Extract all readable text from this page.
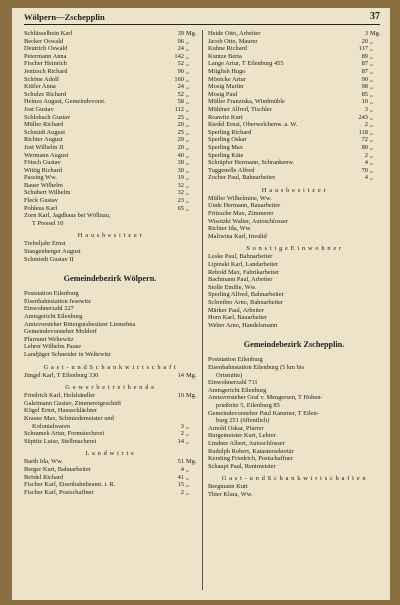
Wölpern—Zschepplin	37
Schlüsselbein Karl	39 Mg.
Becker Oswald	96 „
Deutrich Oswald	24 „
Petermann Anna	142 „
Fischer Heinrich	52 „
Jentzsch Richard	90 „
Schöne Adolf	160 „
Kittler Anna	24 „
Schulze Richard	52 „
Heinze August, Gemeindevorst.	58 „
Jost Gustav	112 „
Schlobach Gustav	25 „
Müller Richard	20 „
Schmidt August	25 „
Richter August	29 „
Jost Wilhelm II	20 „
Wermann August	40 „
Fötsch Gustav	30 „
Wittig Richard	30 „
Passing Ww.	19 „
Bauer Wilhelm	32 „
Schubert Wilhelm	32 „
Fleck Gustav	23 „
Pohleus Karl	65 „
Zorn Karl, Jagdhaus bei Wöllnau,
T Pressel 10
H a u s b e s i t z e r
Trebeljahr Ernst
Stangenberger August
Schmiedt Gustav II
Gemeindebezirk Wölpern.
Poststation Eilenburg
Eisenbahnstation Jesewitz
Einwohnerzahl 227
Amtsgericht Eilenburg
Amtsvorsteher Rittergutsbesitzer Liemehna
Gemeindevorsteher Moldorf
Pfarramt Weltewitz
Lehrer Wilhelm Pause
Landjäger Schneider in Weltewitz
G a s t - u n d S c h a n k w i r t s c h a f t
Jüngel Karl, T Eilenburg 330	14 Mg.
G e w e r b e t r e i b e n d e
Friedrich Karl, Holzhändler	10 Mg.
Galeimann Gustav, Zimmereigeschäft
Kögel Ernst, Hausschlächter
Krause Max, Schmiedemeister und
Kolonialwaren	3 „
Schramek Artur, Formstecherei	2 „
Süptitz Luise, Stellmacherei	14 „
L a n d w i r t e
Barth Ida, Ww.	51 Mg.
Berger Kurt, Bahnarbeiter	4 „
Brödel Richard	41 „
Fischer Karl, Eisenbahnbeamt. i. R.	15 „
Fischer Karl, Postschaffner	2 „
Heide Otto, Arbeiter	3 Mg.
Jacob Otto, Maurer	20 „
Kuhne Richard	117 „
Kuntze Berta	89 „
Lange Artur, T Eilenburg 455	87 „
Mitglish Hugo	87 „
Mönicke Artur	90 „
Mosig Martin	98 „
Mosig Paul	85 „
Müller Franziska, Windmühle	10 „
Mühlner Alfred, Tischler	3 „
Roawitz Kurt	243 „
Riedel Ernst, Oberwelchenw. a. W.	2 „
Sperling Richard	118 „
Sperling Oskar	72 „
Sperling Max	80 „
Sperling Käte	2 „
Schräpfer Hermann, Schrankenw.	4 „
Tuggenelle Alfred	70 „
Zocher Paul, Bahnarbeiter	4 „
H a u s b e s i t z e r
Müller Wilhelmine, Ww.
Unde Hermann, Bauarbeiter
Fritzsche Max, Zimmerer
Wisotzki Walter, Autoschlosser
Richter Ida, Ww.
Maliwina Karl, Invalid
S o n s t i g e E i n w o h n e r
Leske Paul, Bahnarbeiter
Lipinski Karl, Landarbeiter
Rebold Max, Fabrikarbeiter
Bachmann Paul, Arbeiter
Stolle Emilie, Ww.
Sperling Alfred, Bahnarbeiter
Schreiber Arno, Bahnarbeiter
Märker Paul, Arbeiter
Horn Karl, Bauarbeiter
Weber Arno, Handelsmann
Gemeindebezirk Zschepplin.
Poststation Eilenburg
Eisenbahnstation Eilenburg (5 km bis
Ortsmitte)
Einwohnerzahl 711
Amtsgericht Eilenburg
Amtsvorsteher Graf v. Mengersen, T Hohen-
prießnitz 5, Eilenburg 85
Gemeindevorsteher Paul Kammer, T Eilen-
burg 251 (öffentlich)
Arnold Oskar, Pfarrer
Burgemeister Kurt, Lehrer
Lindner Albert, Autoschlosser
Rudolph Robert, Katastersekretär
Kersting Friedrich, Postschaffner
Schaupt Paul, Rentmeister
G a s t - u n d S c h a n k w i r t s c h a f t e n
Bergmann Kurt
Thier Klara, Ww.
